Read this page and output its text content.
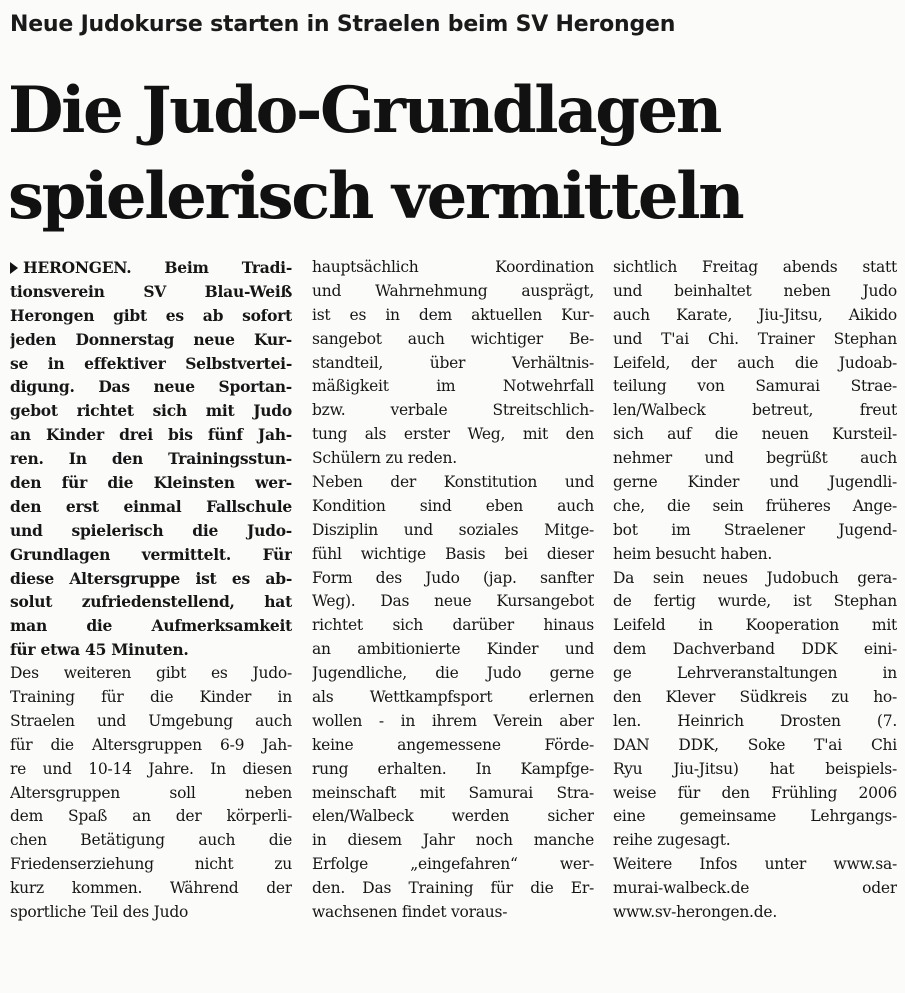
Neue Judokurse starten in Straelen beim SV Herongen
Die Judo-Grundlagen
spielerisch vermitteln
HERONGEN. Beim Tradi-
tionsverein SV Blau-Weiß
Herongen gibt es ab sofort
jeden Donnerstag neue Kur-
se in effektiver Selbstvertei-
digung. Das neue Sportan-
gebot richtet sich mit Judo
an Kinder drei bis fünf Jah-
ren. In den Trainingsstun-
den für die Kleinsten wer-
den erst einmal Fallschule
und spielerisch die Judo-
Grundlagen vermittelt. Für
diese Altersgruppe ist es ab-
solut zufriedenstellend, hat
man die Aufmerksamkeit
für etwa 45 Minuten.
Des weiteren gibt es Judo-
Training für die Kinder in
Straelen und Umgebung auch
für die Altersgruppen 6-9 Jah-
re und 10-14 Jahre. In diesen
Altersgruppen soll neben
dem Spaß an der körperli-
chen Betätigung auch die
Friedenserziehung nicht zu
kurz kommen. Während der
sportliche Teil des Judo
hauptsächlich Koordination
und Wahrnehmung ausprägt,
ist es in dem aktuellen Kur-
sangebot auch wichtiger Be-
standteil, über Verhältnis-
mäßigkeit im Notwehrfall
bzw. verbale Streitschlich-
tung als erster Weg, mit den
Schülern zu reden.
Neben der Konstitution und
Kondition sind eben auch
Disziplin und soziales Mitge-
fühl wichtige Basis bei dieser
Form des Judo (jap. sanfter
Weg). Das neue Kursangebot
richtet sich darüber hinaus
an ambitionierte Kinder und
Jugendliche, die Judo gerne
als Wettkampfsport erlernen
wollen - in ihrem Verein aber
keine angemessene Förde-
rung erhalten. In Kampfge-
meinschaft mit Samurai Stra-
elen/Walbeck werden sicher
in diesem Jahr noch manche
Erfolge „eingefahren“ wer-
den. Das Training für die Er-
wachsenen findet voraus-
sichtlich Freitag abends statt
und beinhaltet neben Judo
auch Karate, Jiu-Jitsu, Aikido
und T'ai Chi. Trainer Stephan
Leifeld, der auch die Judoab-
teilung von Samurai Strae-
len/Walbeck betreut, freut
sich auf die neuen Kursteil-
nehmer und begrüßt auch
gerne Kinder und Jugendli-
che, die sein früheres Ange-
bot im Straelener Jugend-
heim besucht haben.
Da sein neues Judobuch gera-
de fertig wurde, ist Stephan
Leifeld in Kooperation mit
dem Dachverband DDK eini-
ge Lehrveranstaltungen in
den Klever Südkreis zu ho-
len. Heinrich Drosten (7.
DAN DDK, Soke T'ai Chi
Ryu Jiu-Jitsu) hat beispiels-
weise für den Frühling 2006
eine gemeinsame Lehrgangs-
reihe zugesagt.
Weitere Infos unter www.sa-
murai-walbeck.de oder
www.sv-herongen.de.
